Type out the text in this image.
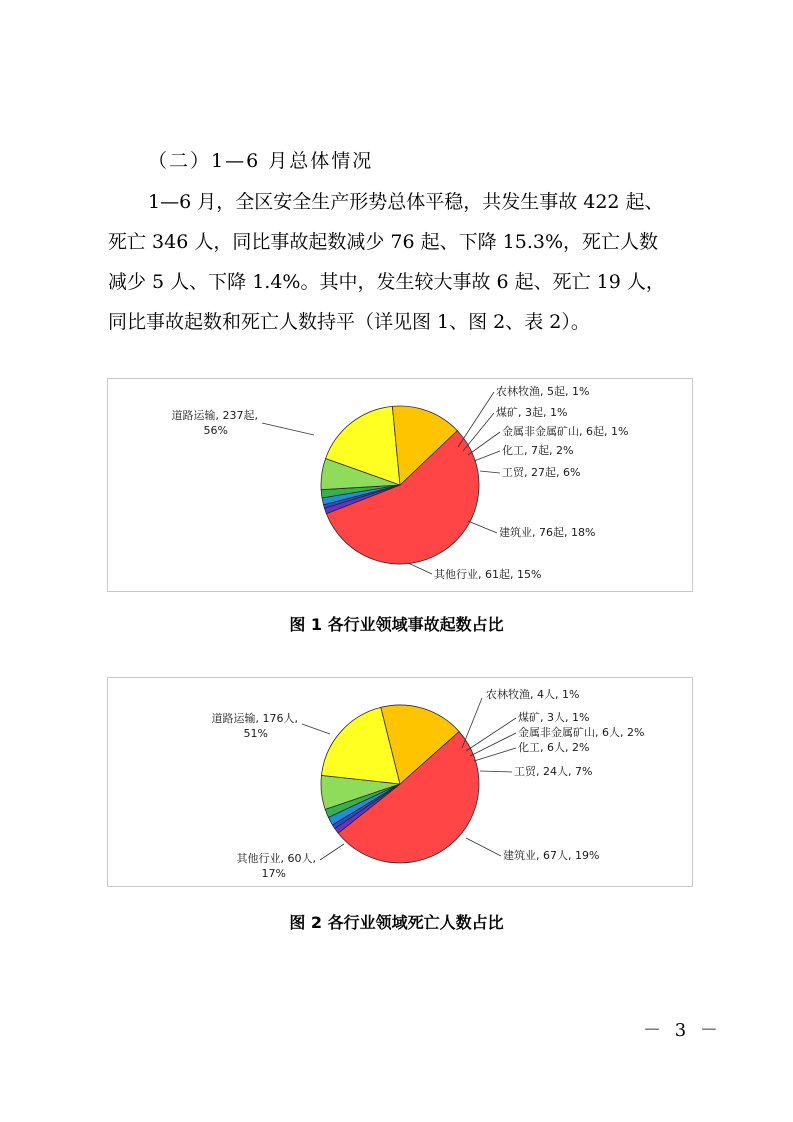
（二）1—6 月总体情况
1—6 月，全区安全生产形势总体平稳，共发生事故 422 起、
死亡 346 人，同比事故起数减少 76 起、下降 15.3%，死亡人数
减少 5 人、下降 1.4%。其中，发生较大事故 6 起、死亡 19 人，
同比事故起数和死亡人数持平（详见图 1、图 2、表 2）。
道路运输, 237起,
56%
农林牧渔, 5起, 1%
煤矿, 3起, 1%
金属非金属矿山, 6起, 1%
化工, 7起, 2%
工贸, 27起, 6%
建筑业, 76起, 18%
其他行业, 61起, 15%
图 1 各行业领域事故起数占比
道路运输, 176人,
51%
农林牧渔, 4人, 1%
煤矿, 3人, 1%
金属非金属矿山, 6人, 2%
化工, 6人, 2%
工贸, 24人, 7%
建筑业, 67人, 19%
其他行业, 60人,
17%
图 2 各行业领域死亡人数占比
－ 3 －
